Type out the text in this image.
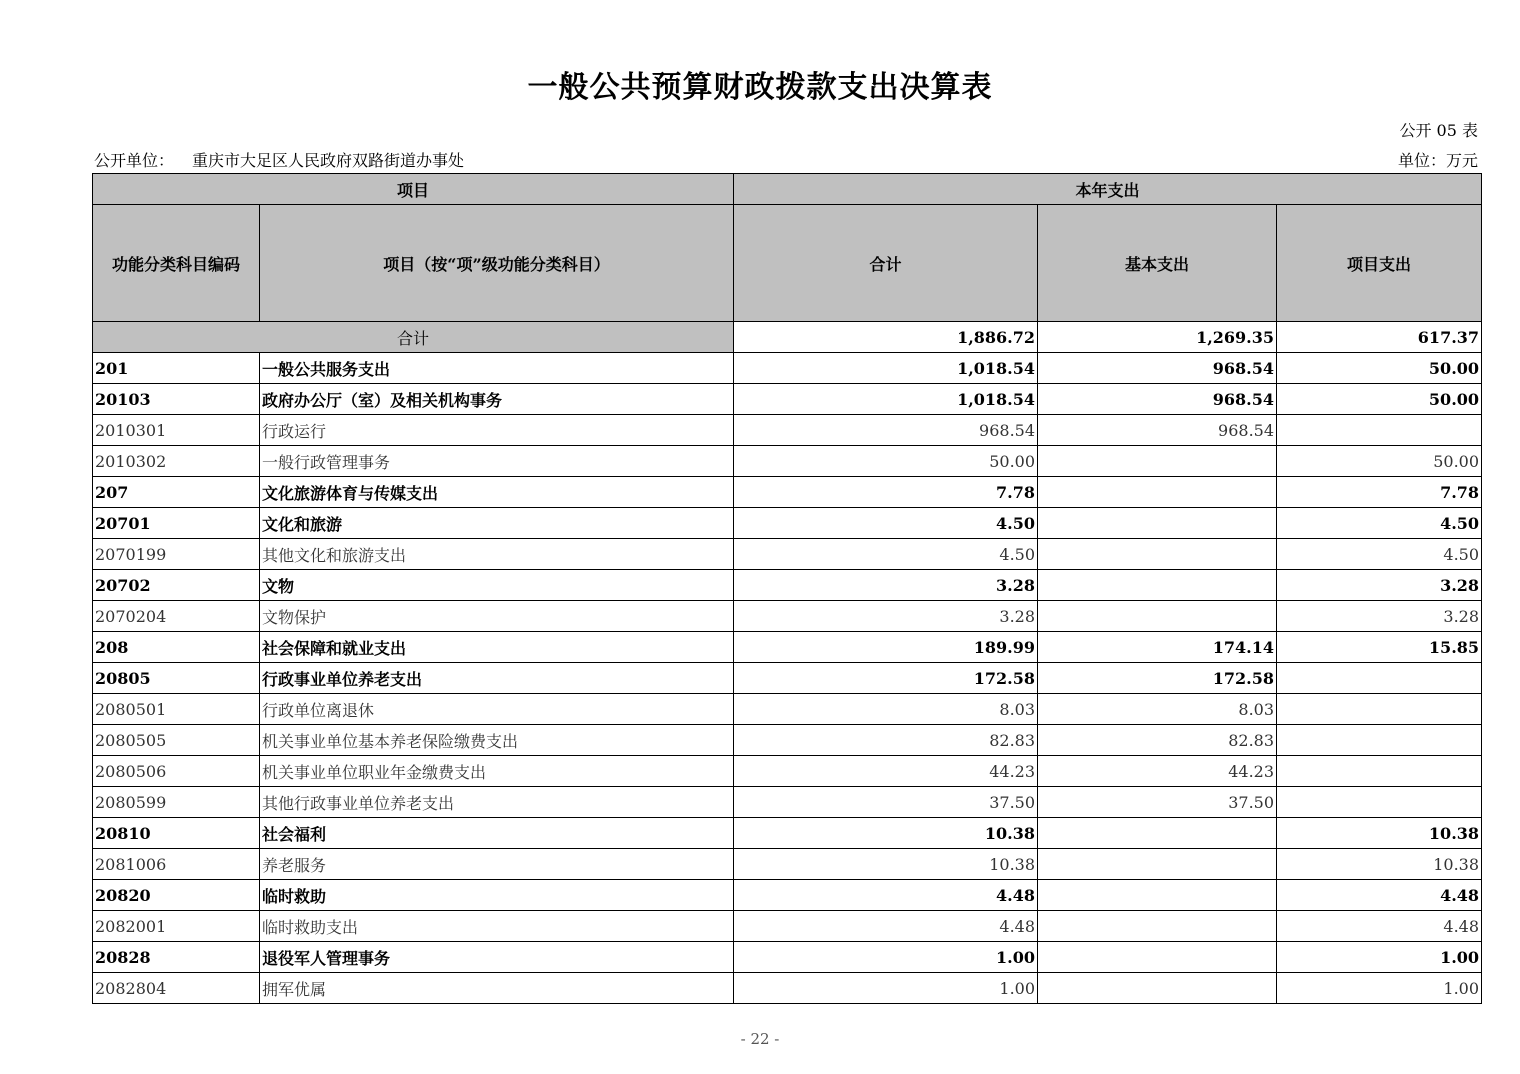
一般公共预算财政拨款支出决算表
公开 05 表
公开单位： 重庆市大足区人民政府双路街道办事处	单位：万元
项目		本年支出		
功能分类科目编码	项目（按“项”级功能分类科目）	合计	基本支出	项目支出
合计		1,886.72	1,269.35	617.37
201	一般公共服务支出	1,018.54	968.54	50.00
20103	政府办公厅（室）及相关机构事务	1,018.54	968.54	50.00
2010301	行政运行	968.54	968.54	
2010302	一般行政管理事务	50.00		50.00
207	文化旅游体育与传媒支出	7.78		7.78
20701	文化和旅游	4.50		4.50
2070199	其他文化和旅游支出	4.50		4.50
20702	文物	3.28		3.28
2070204	文物保护	3.28		3.28
208	社会保障和就业支出	189.99	174.14	15.85
20805	行政事业单位养老支出	172.58	172.58	
2080501	行政单位离退休	8.03	8.03	
2080505	机关事业单位基本养老保险缴费支出	82.83	82.83	
2080506	机关事业单位职业年金缴费支出	44.23	44.23	
2080599	其他行政事业单位养老支出	37.50	37.50	
20810	社会福利	10.38		10.38
2081006	养老服务	10.38		10.38
20820	临时救助	4.48		4.48
2082001	临时救助支出	4.48		4.48
20828	退役军人管理事务	1.00		1.00
2082804	拥军优属	1.00		1.00
- 22 -
